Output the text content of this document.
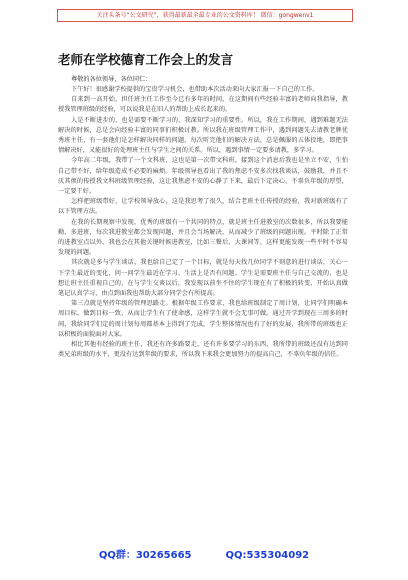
关注头条号“公文研究”，获得最新最全最专业的公文资料库！ 微信：gongwenv1
老师在学校德育工作会上的发言

尊敬的各位领导，各位同仁：

下午好！很感谢学校提供的宝贵学习机会，也借助本次活动来向大家汇报一下自己的工作。

自来到一高开始，担任班主任工作至今已有多年的时间，在这期间有些经验丰富的老师向我指导，教授我管理班级的经验，可以说我是在旧人的帮助上成长起来的。

人是不断进步的，也是需要不断学习的，我深知学习的重要性。所以，我在工作期间，遇到难题无法解决的时候，总是会向经验丰富的同事们积极讨教。所以我在班级管理工作中，遇到问题先去请教老牌优秀班主任，有一套他们是怎样解决同样的问题，每次听完他们的解决方法，总是佩服的五体投地，即把事情解决好，又能很好的处理班主任与学生之间的关系。所以，遇到事情一定要多请教，多学习。

今年高二年级，我带了一个文科班，这也是第一次带文科班。接到这个消息后我也是坐立不安，生怕自己带不好，给年级造成不必要的麻烦。年级领导也看出了我的焦虑不安多次找我谈话，鼓励我，并且不厌其烦的传授我文科班级管理经验，这让我焦虑不安的心静了下来，最后下定决心，不辜负年级的厚望，一定要干好。

怎样把班级带好，让学校领导放心，这是我思考了很久，结合老班主任传授的经验，我对新班级有了以下管理方法。

在我的长期观察中发现，优秀的班级有一个共同的特点，就是班主任进教室的次数很多，所以我要能勤，多进班，每次我进教室都会发现问题，并且会当场解决，从而减少了班级的问题出现。平时除了正常的进教室点以外，我也会在其他关键时候进教室，比如三餐后、大课间等，这样更能发现一些平时不容易发现的问题。

其次就是多与学生谈话，我也给自己定了一个目标，就是每天找几位同学不刻意的进行谈话，关心一下学生最近的变化，问一问学生最近在学习、生活上是否有问题。学生是需要班主任与自己交流的，也是想让班主任重视自己的，在与学生交谈以后，我发现以前坐不住的学生现在有了积极的转变，开始认真做笔记认真学习，由点到面我也帮助大部分同学会有所提高。

第三点就是坚持年级的管理思路走。根据年级工作要求，我也给班级制定了周计划，让同学们明确本周目标，做到目标一致，从而让学生有了使命感，这样学生就不会无事可做。通过开学到现在三周多的时间，我给同学们定的周计划每周都基本上得到了完成，学生整体情况也有了好的发展，我所带的班级也正以积极的面貌面对大家。

相比其他有经验的班主任，我还有许多路要走，还有许多要学习的东西，我所带的班级还没有达到同类兄弟班级的水平，更没有达到年级的要求，所以我下来我会更加努力的提高自己，不辜负年级的信任。

QQ群：30265665	QQ:535304092
